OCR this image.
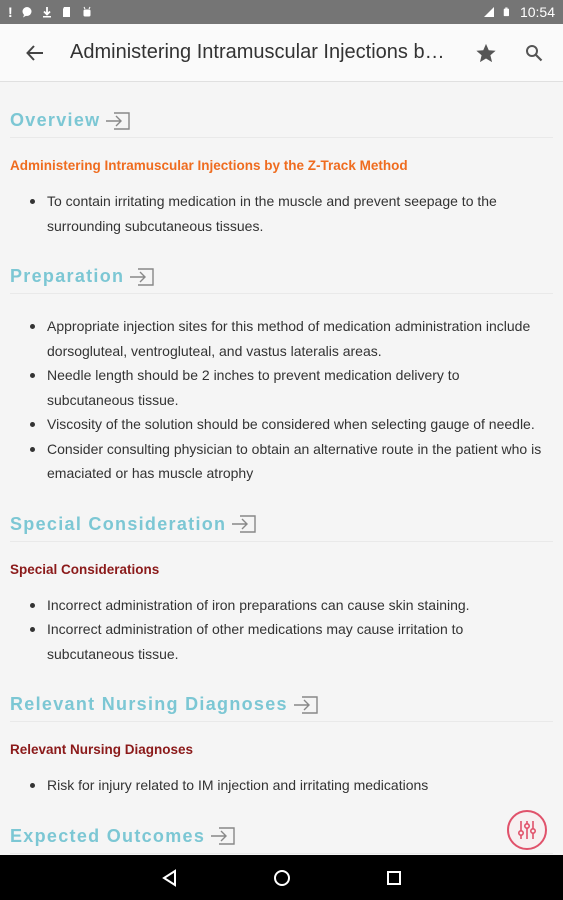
!	10:54
Administering Intramuscular Injections b…
Overview
Administering Intramuscular Injections by the Z-Track Method
To contain irritating medication in the muscle and prevent seepage to the surrounding subcutaneous tissues.
Preparation
Appropriate injection sites for this method of medication administration include dorsogluteal, ventrogluteal, and vastus lateralis areas.
Needle length should be 2 inches to prevent medication delivery to subcutaneous tissue.
Viscosity of the solution should be considered when selecting gauge of needle.
Consider consulting physician to obtain an alternative route in the patient who is emaciated or has muscle atrophy
Special Consideration
Special Considerations
Incorrect administration of iron preparations can cause skin staining.
Incorrect administration of other medications may cause irritation to subcutaneous tissue.
Relevant Nursing Diagnoses
Relevant Nursing Diagnoses
Risk for injury related to IM injection and irritating medications
Expected Outcomes
